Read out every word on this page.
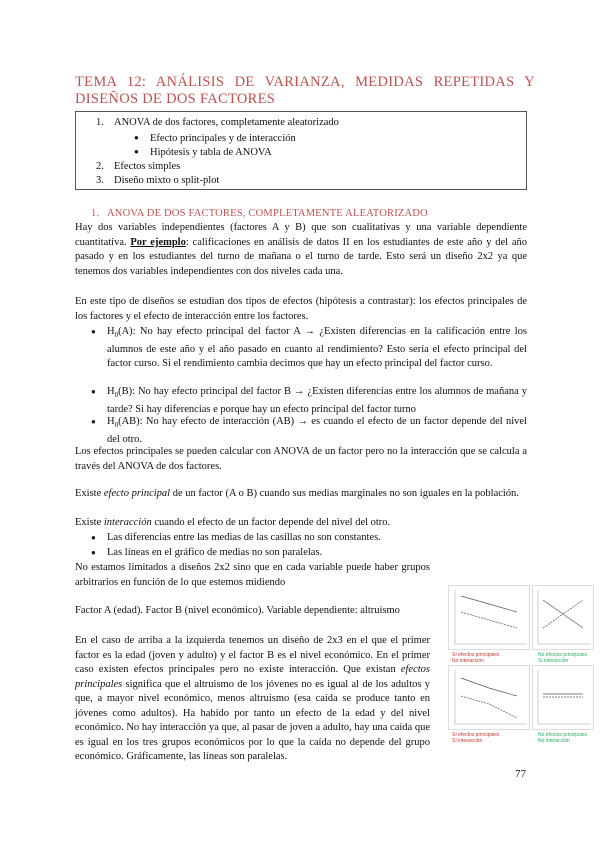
TEMA 12: ANÁLISIS DE VARIANZA, MEDIDAS REPETIDAS Y DISEÑOS DE DOS FACTORES
1. ANOVA de dos factores, completamente aleatorizado
● Efecto principales y de interacción
● Hipótesis y tabla de ANOVA
2. Efectos simples
3. Diseño mixto o split-plot
1. ANOVA DE DOS FACTORES, COMPLETAMENTE ALEATORIZADO

Hay dos variables independientes (factores A y B) que son cualitativas y una variable dependiente cuantitativa. Por ejemplo: calificaciones en análisis de datos II en los estudiantes de este año y del año pasado y en los estudiantes del turno de mañana o el turno de tarde. Esto será un diseño 2x2 ya que tenemos dos variables independientes con dos niveles cada una.

En este tipo de diseños se estudian dos tipos de efectos (hipótesis a contrastar): los efectos principales de los factores y el efecto de interacción entre los factores.

● $H_0(A)$: No hay efecto principal del factor A → ¿Existen diferencias en la calificación entre los alumnos de este año y el año pasado en cuanto al rendimiento? Esto sería el efecto principal del factor curso. Si el rendimiento cambia decimos que hay un efecto principal del factor curso.
● $H_0(B)$: No hay efecto principal del factor B → ¿Existen diferencias entre los alumnos de mañana y tarde? Si hay diferencias e porque hay un efecto principal del factor turno
● $H_0(AB)$: No hay efecto de interacción (AB) → es cuando el efecto de un factor depende del nivel del otro.

Los efectos principales se pueden calcular con ANOVA de un factor pero no la interacción que se calcula a través del ANOVA de dos factores.

Existe efecto principal de un factor (A o B) cuando sus medias marginales no son iguales en la población.

Existe interacción cuando el efecto de un factor depende del nivel del otro.

● Las diferencias entre las medias de las casillas no son constantes.
● Las líneas en el gráfico de medias no son paralelas.

No estamos limitados a diseños 2x2 sino que en cada variable puede haber grupos arbitrarios en función de lo que estemos midiendo

Factor A (edad). Factor B (nivel económico). Variable dependiente: altruismo

En el caso de arriba a la izquierda tenemos un diseño de 2x3 en el que el primer factor es la edad (joven y adulto) y el factor B es el nivel económico. En el primer caso existen efectos principales pero no existe interacción. Que existan efectos principales significa que el altruismo de los jóvenes no es igual al de los adultos y que, a mayor nivel económico, menos altruismo (esa caída se produce tanto en jóvenes como adultos). Ha habido por tanto un efecto de la edad y del nivel económico. No hay interacción ya que, al pasar de joven a adulto, hay una caída que es igual en los tres grupos económicos por lo que la caída no depende del grupo económico. Gráficamente, las líneas son paralelas.

Sí efectos principales
No interacción
No efectos principales
Sí interacción
Sí efectos principales
Sí interacción
No efectos principales
No interacción
77
